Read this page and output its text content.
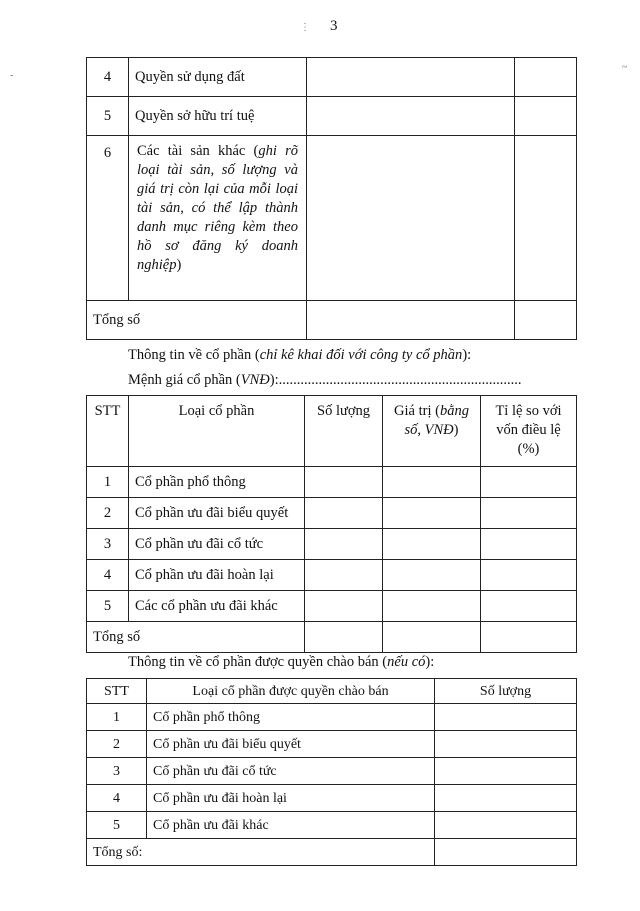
⋮ 3
-
~
4	Quyền sử dụng đất		
5	Quyền sở hữu trí tuệ		
6	Các tài sản khác (ghi rõ loại tài sản, số lượng và giá trị còn lại của mỗi loại tài sản, có thể lập thành danh mục riêng kèm theo hồ sơ đăng ký doanh nghiệp)		
Tổng số			
Thông tin về cổ phần (chỉ kê khai đối với công ty cổ phần):
Mệnh giá cổ phần (VNĐ):...................................................................
STT	Loại cổ phần	Số lượng	Giá trị (bằng số, VNĐ)	Tỉ lệ so với vốn điều lệ (%)
1	Cổ phần phổ thông			
2	Cổ phần ưu đãi biểu quyết			
3	Cổ phần ưu đãi cổ tức			
4	Cổ phần ưu đãi hoàn lại			
5	Các cổ phần ưu đãi khác			
Tổng số				
Thông tin về cổ phần được quyền chào bán (nếu có):
STT	Loại cổ phần được quyền chào bán	Số lượng
1	Cổ phần phổ thông	
2	Cổ phần ưu đãi biểu quyết	
3	Cổ phần ưu đãi cổ tức	
4	Cổ phần ưu đãi hoàn lại	
5	Cổ phần ưu đãi khác	
Tổng số:		
